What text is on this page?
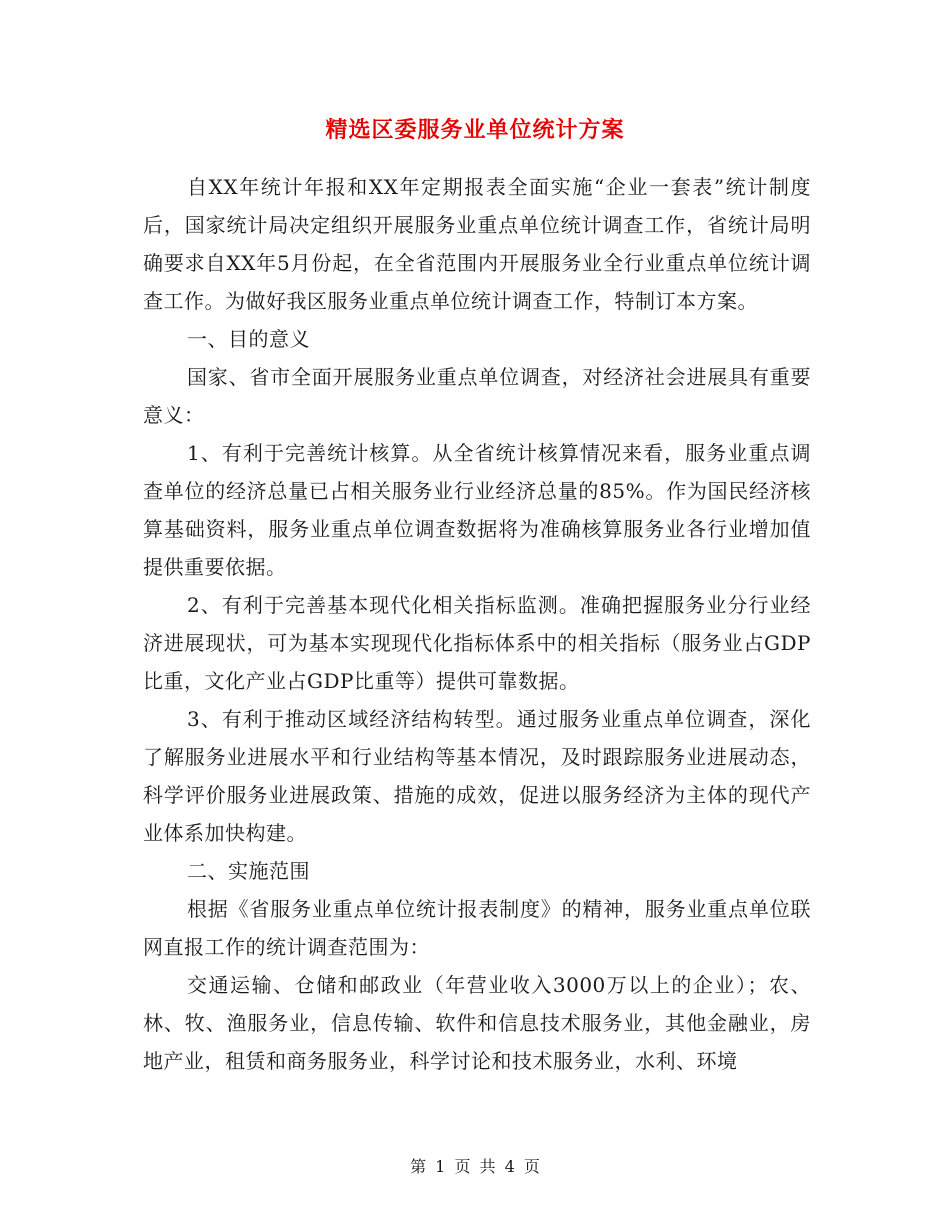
精选区委服务业单位统计方案

自XX年统计年报和XX年定期报表全面实施“企业一套表”统计制度后，国家统计局决定组织开展服务业重点单位统计调查工作，省统计局明确要求自XX年5月份起，在全省范围内开展服务业全行业重点单位统计调查工作。为做好我区服务业重点单位统计调查工作，特制订本方案。

一、目的意义

国家、省市全面开展服务业重点单位调查，对经济社会进展具有重要意义：

1、有利于完善统计核算。从全省统计核算情况来看，服务业重点调查单位的经济总量已占相关服务业行业经济总量的85%。作为国民经济核算基础资料，服务业重点单位调查数据将为准确核算服务业各行业增加值提供重要依据。

2、有利于完善基本现代化相关指标监测。准确把握服务业分行业经济进展现状，可为基本实现现代化指标体系中的相关指标（服务业占GDP比重，文化产业占GDP比重等）提供可靠数据。

3、有利于推动区域经济结构转型。通过服务业重点单位调查，深化了解服务业进展水平和行业结构等基本情况，及时跟踪服务业进展动态，科学评价服务业进展政策、措施的成效，促进以服务经济为主体的现代产业体系加快构建。

二、实施范围

根据《省服务业重点单位统计报表制度》的精神，服务业重点单位联网直报工作的统计调查范围为：

交通运输、仓储和邮政业（年营业收入3000万以上的企业）；农、林、牧、渔服务业，信息传输、软件和信息技术服务业，其他金融业，房地产业，租赁和商务服务业，科学讨论和技术服务业，水利、环境

第 1 页 共 4 页
